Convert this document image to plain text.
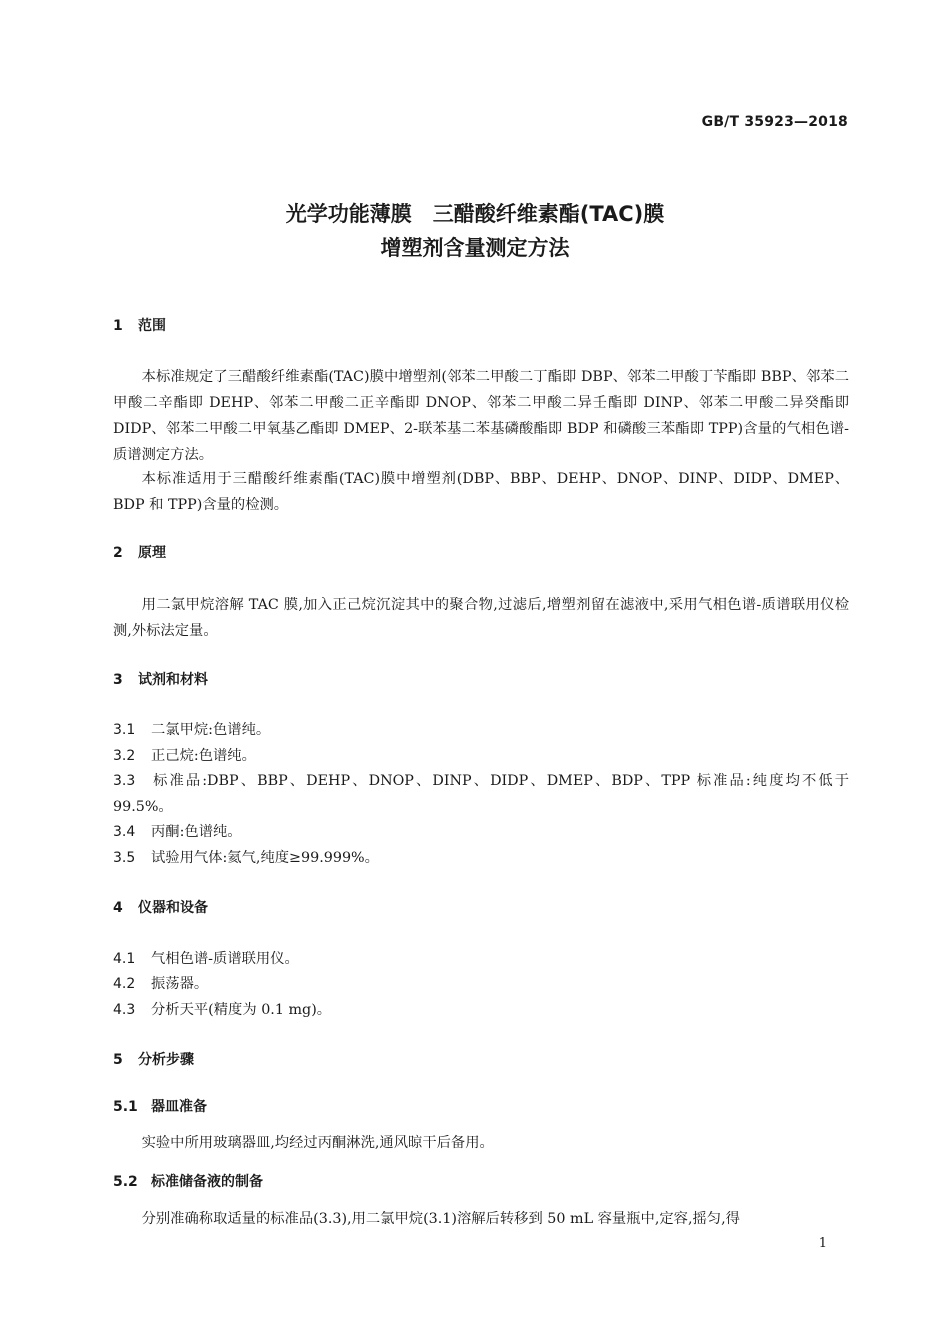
GB/T 35923—2018
光学功能薄膜　三醋酸纤维素酯(TAC)膜
增塑剂含量测定方法
1 范围
本标准规定了三醋酸纤维素酯(TAC)膜中增塑剂(邻苯二甲酸二丁酯即 DBP、邻苯二甲酸丁苄酯即 BBP、邻苯二甲酸二辛酯即 DEHP、邻苯二甲酸二正辛酯即 DNOP、邻苯二甲酸二异壬酯即 DINP、邻苯二甲酸二异癸酯即 DIDP、邻苯二甲酸二甲氧基乙酯即 DMEP、2-联苯基二苯基磷酸酯即 BDP 和磷酸三苯酯即 TPP)含量的气相色谱-质谱测定方法。
本标准适用于三醋酸纤维素酯(TAC)膜中增塑剂(DBP、BBP、DEHP、DNOP、DINP、DIDP、DMEP、BDP 和 TPP)含量的检测。
2 原理
用二氯甲烷溶解 TAC 膜,加入正己烷沉淀其中的聚合物,过滤后,增塑剂留在滤液中,采用气相色谱-质谱联用仪检测,外标法定量。
3 试剂和材料
3.1 二氯甲烷:色谱纯。
3.2 正己烷:色谱纯。
3.3 标准品:DBP、BBP、DEHP、DNOP、DINP、DIDP、DMEP、BDP、TPP 标准品:纯度均不低于 99.5%。
3.4 丙酮:色谱纯。
3.5 试验用气体:氦气,纯度≥99.999%。
4 仪器和设备
4.1 气相色谱-质谱联用仪。
4.2 振荡器。
4.3 分析天平(精度为 0.1 mg)。
5 分析步骤
5.1 器皿准备
实验中所用玻璃器皿,均经过丙酮淋洗,通风晾干后备用。
5.2 标准储备液的制备
分别准确称取适量的标准品(3.3),用二氯甲烷(3.1)溶解后转移到 50 mL 容量瓶中,定容,摇匀,得
1
